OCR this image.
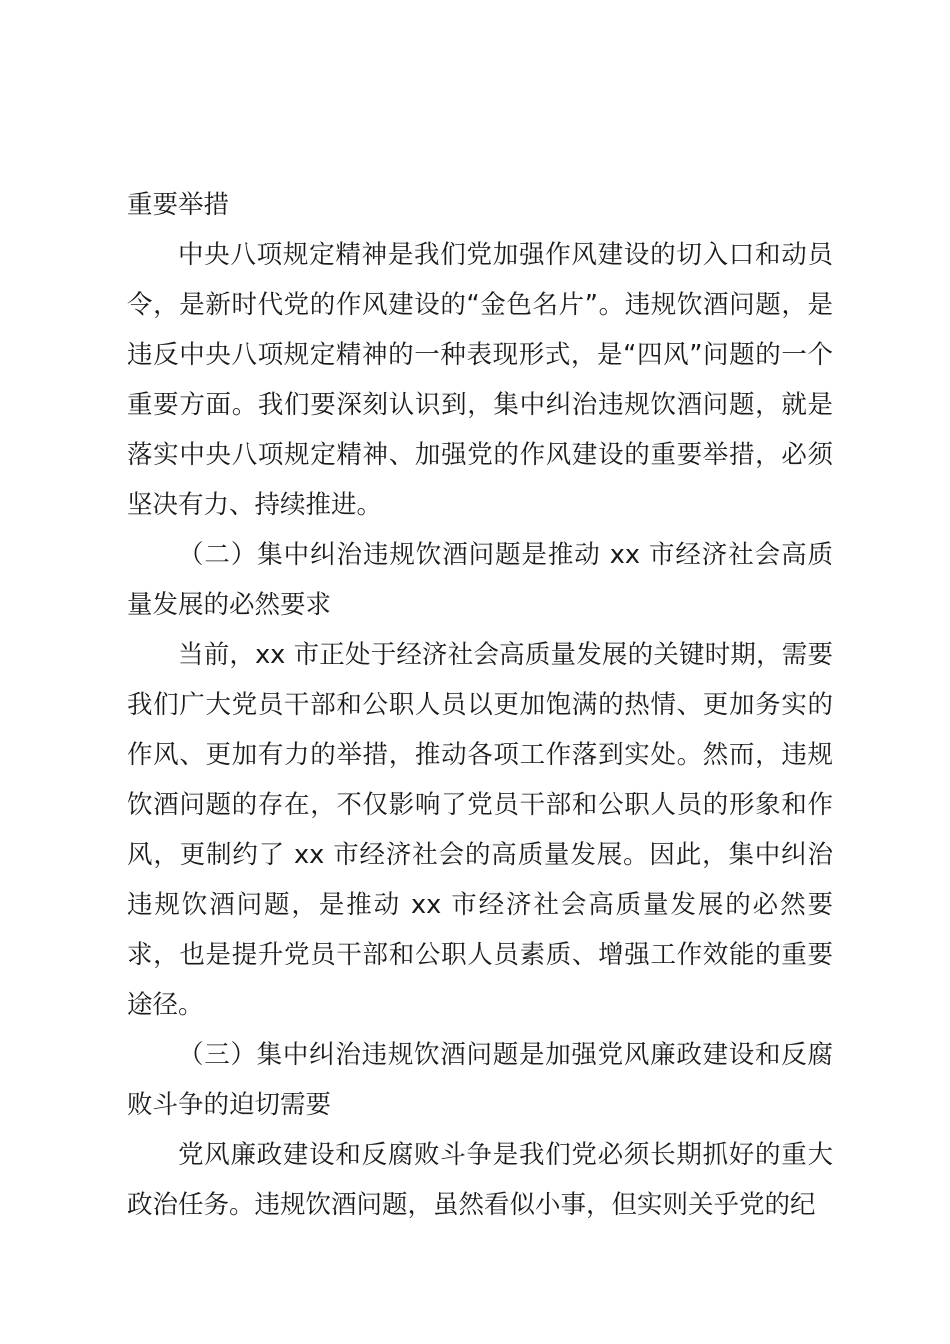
重要举措

中央八项规定精神是我们党加强作风建设的切入口和动员令，是新时代党的作风建设的“金色名片”。违规饮酒问题，是违反中央八项规定精神的一种表现形式，是“四风”问题的一个重要方面。我们要深刻认识到，集中纠治违规饮酒问题，就是落实中央八项规定精神、加强党的作风建设的重要举措，必须坚决有力、持续推进。

（二）集中纠治违规饮酒问题是推动 xx 市经济社会高质量发展的必然要求

当前，xx 市正处于经济社会高质量发展的关键时期，需要我们广大党员干部和公职人员以更加饱满的热情、更加务实的作风、更加有力的举措，推动各项工作落到实处。然而，违规饮酒问题的存在，不仅影响了党员干部和公职人员的形象和作风，更制约了 xx 市经济社会的高质量发展。因此，集中纠治违规饮酒问题，是推动 xx 市经济社会高质量发展的必然要求，也是提升党员干部和公职人员素质、增强工作效能的重要途径。

（三）集中纠治违规饮酒问题是加强党风廉政建设和反腐败斗争的迫切需要

党风廉政建设和反腐败斗争是我们党必须长期抓好的重大政治任务。违规饮酒问题，虽然看似小事，但实则关乎党的纪
